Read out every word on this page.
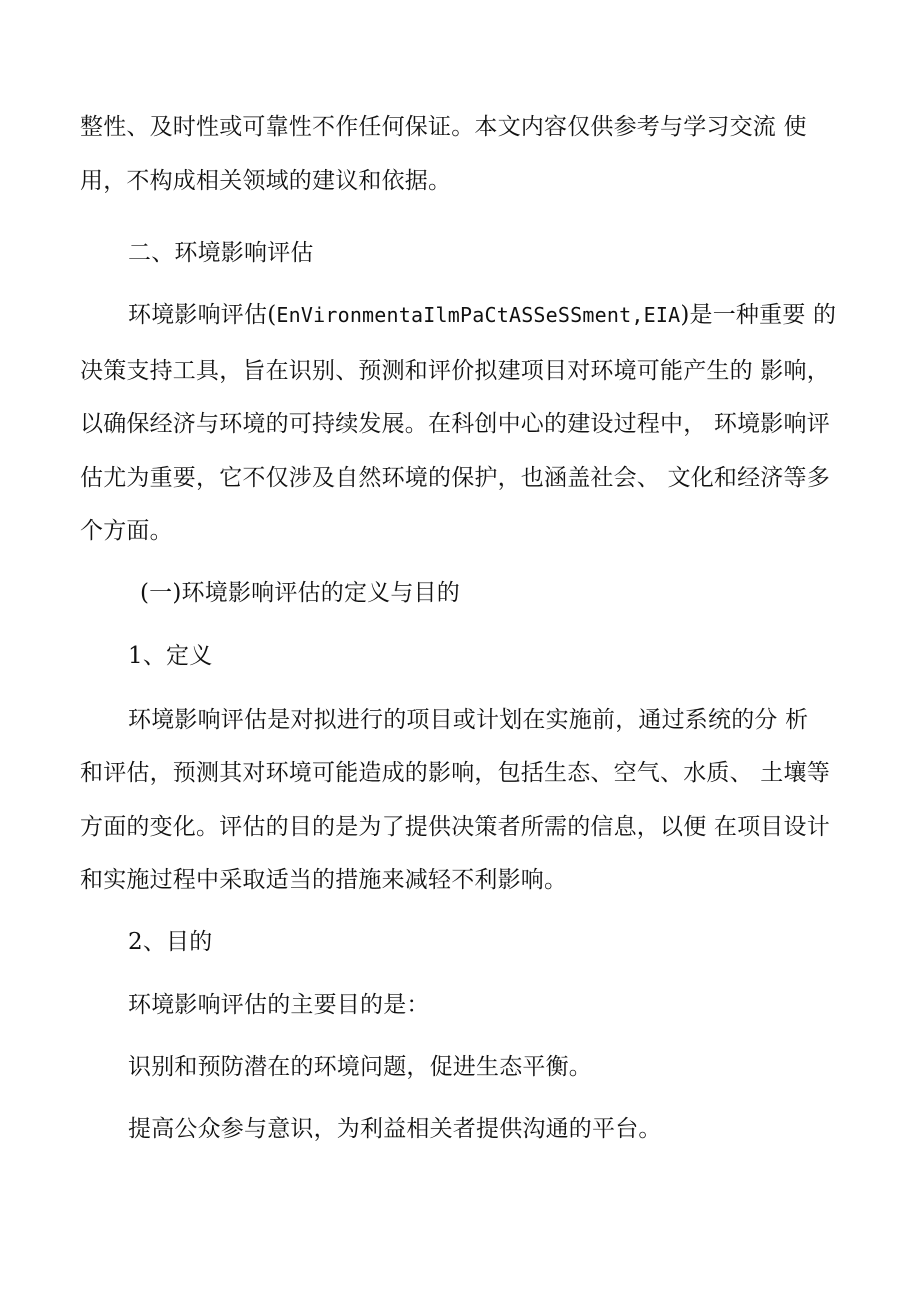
整性、及时性或可靠性不作任何保证。本文内容仅供参考与学习交流 使
用，不构成相关领域的建议和依据。
二、环境影响评估
环境影响评估(EnVironmentaIlmPaCtASSeSSment,EIA)是一种重要 的
决策支持工具，旨在识别、预测和评价拟建项目对环境可能产生的 影响，
以确保经济与环境的可持续发展。在科创中心的建设过程中， 环境影响评
估尤为重要，它不仅涉及自然环境的保护，也涵盖社会、 文化和经济等多
个方面。
(一)环境影响评估的定义与目的
1、定义
环境影响评估是对拟进行的项目或计划在实施前，通过系统的分 析
和评估，预测其对环境可能造成的影响，包括生态、空气、水质、 土壤等
方面的变化。评估的目的是为了提供决策者所需的信息，以便 在项目设计
和实施过程中采取适当的措施来减轻不利影响。
2、目的
环境影响评估的主要目的是：
识别和预防潜在的环境问题，促进生态平衡。
提高公众参与意识，为利益相关者提供沟通的平台。
